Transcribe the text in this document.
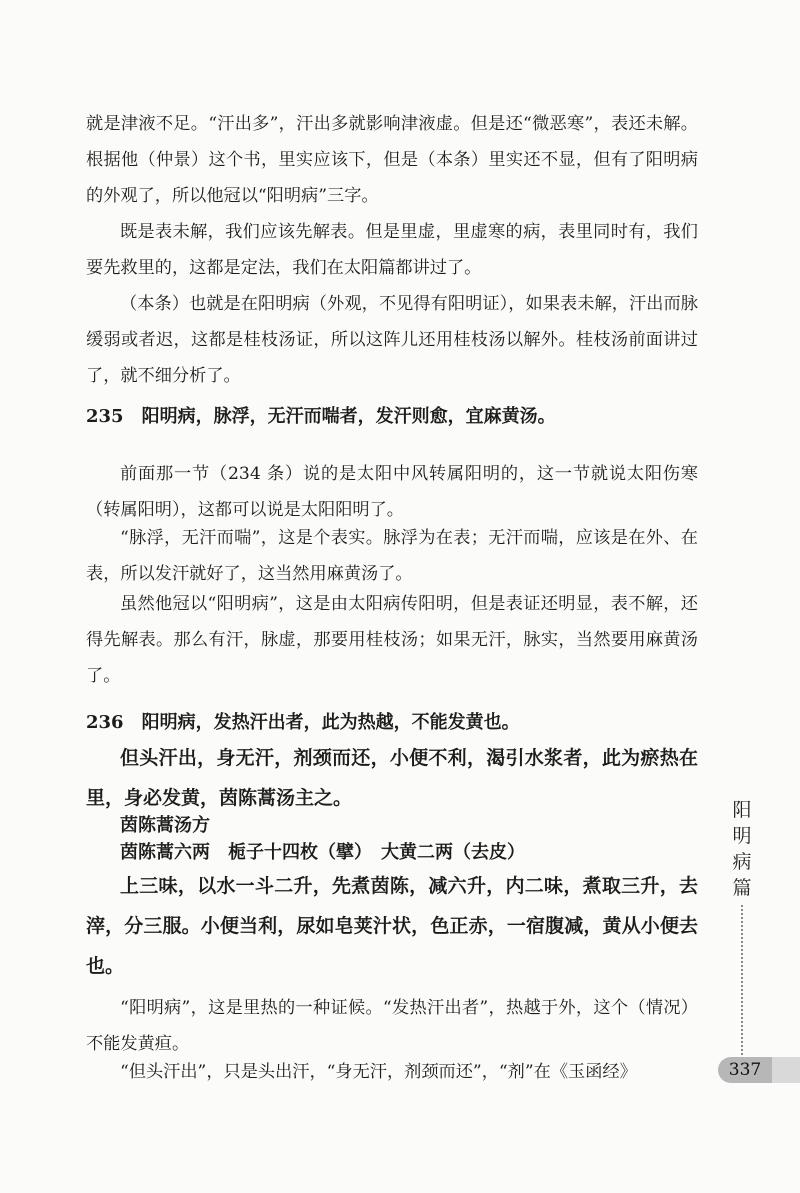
就是津液不足。“汗出多”，汗出多就影响津液虚。但是还“微恶寒”，表还未解。根据他（仲景）这个书，里实应该下，但是（本条）里实还不显，但有了阳明病的外观了，所以他冠以“阳明病”三字。

既是表未解，我们应该先解表。但是里虚，里虚寒的病，表里同时有，我们要先救里的，这都是定法，我们在太阳篇都讲过了。

（本条）也就是在阳明病（外观，不见得有阳明证），如果表未解，汗出而脉缓弱或者迟，这都是桂枝汤证，所以这阵儿还用桂枝汤以解外。桂枝汤前面讲过了，就不细分析了。

235　阳明病，脉浮，无汗而喘者，发汗则愈，宜麻黄汤。

前面那一节（234 条）说的是太阳中风转属阳明的，这一节就说太阳伤寒（转属阳明），这都可以说是太阳阳明了。

“脉浮，无汗而喘”，这是个表实。脉浮为在表；无汗而喘，应该是在外、在表，所以发汗就好了，这当然用麻黄汤了。

虽然他冠以“阳明病”，这是由太阳病传阳明，但是表证还明显，表不解，还得先解表。那么有汗，脉虚，那要用桂枝汤；如果无汗，脉实，当然要用麻黄汤了。

236　阳明病，发热汗出者，此为热越，不能发黄也。

但头汗出，身无汗，剂颈而还，小便不利，渴引水浆者，此为瘀热在里，身必发黄，茵陈蒿汤主之。

茵陈蒿汤方

茵陈蒿六两　栀子十四枚（擘）　大黄二两（去皮）

上三味，以水一斗二升，先煮茵陈，减六升，内二味，煮取三升，去滓，分三服。小便当利，尿如皂荚汁状，色正赤，一宿腹减，黄从小便去也。

“阳明病”，这是里热的一种证候。“发热汗出者”，热越于外，这个（情况）不能发黄疸。

“但头汗出”，只是头出汗，“身无汗，剂颈而还”，“剂”在《玉函经》

阳明病篇
337
